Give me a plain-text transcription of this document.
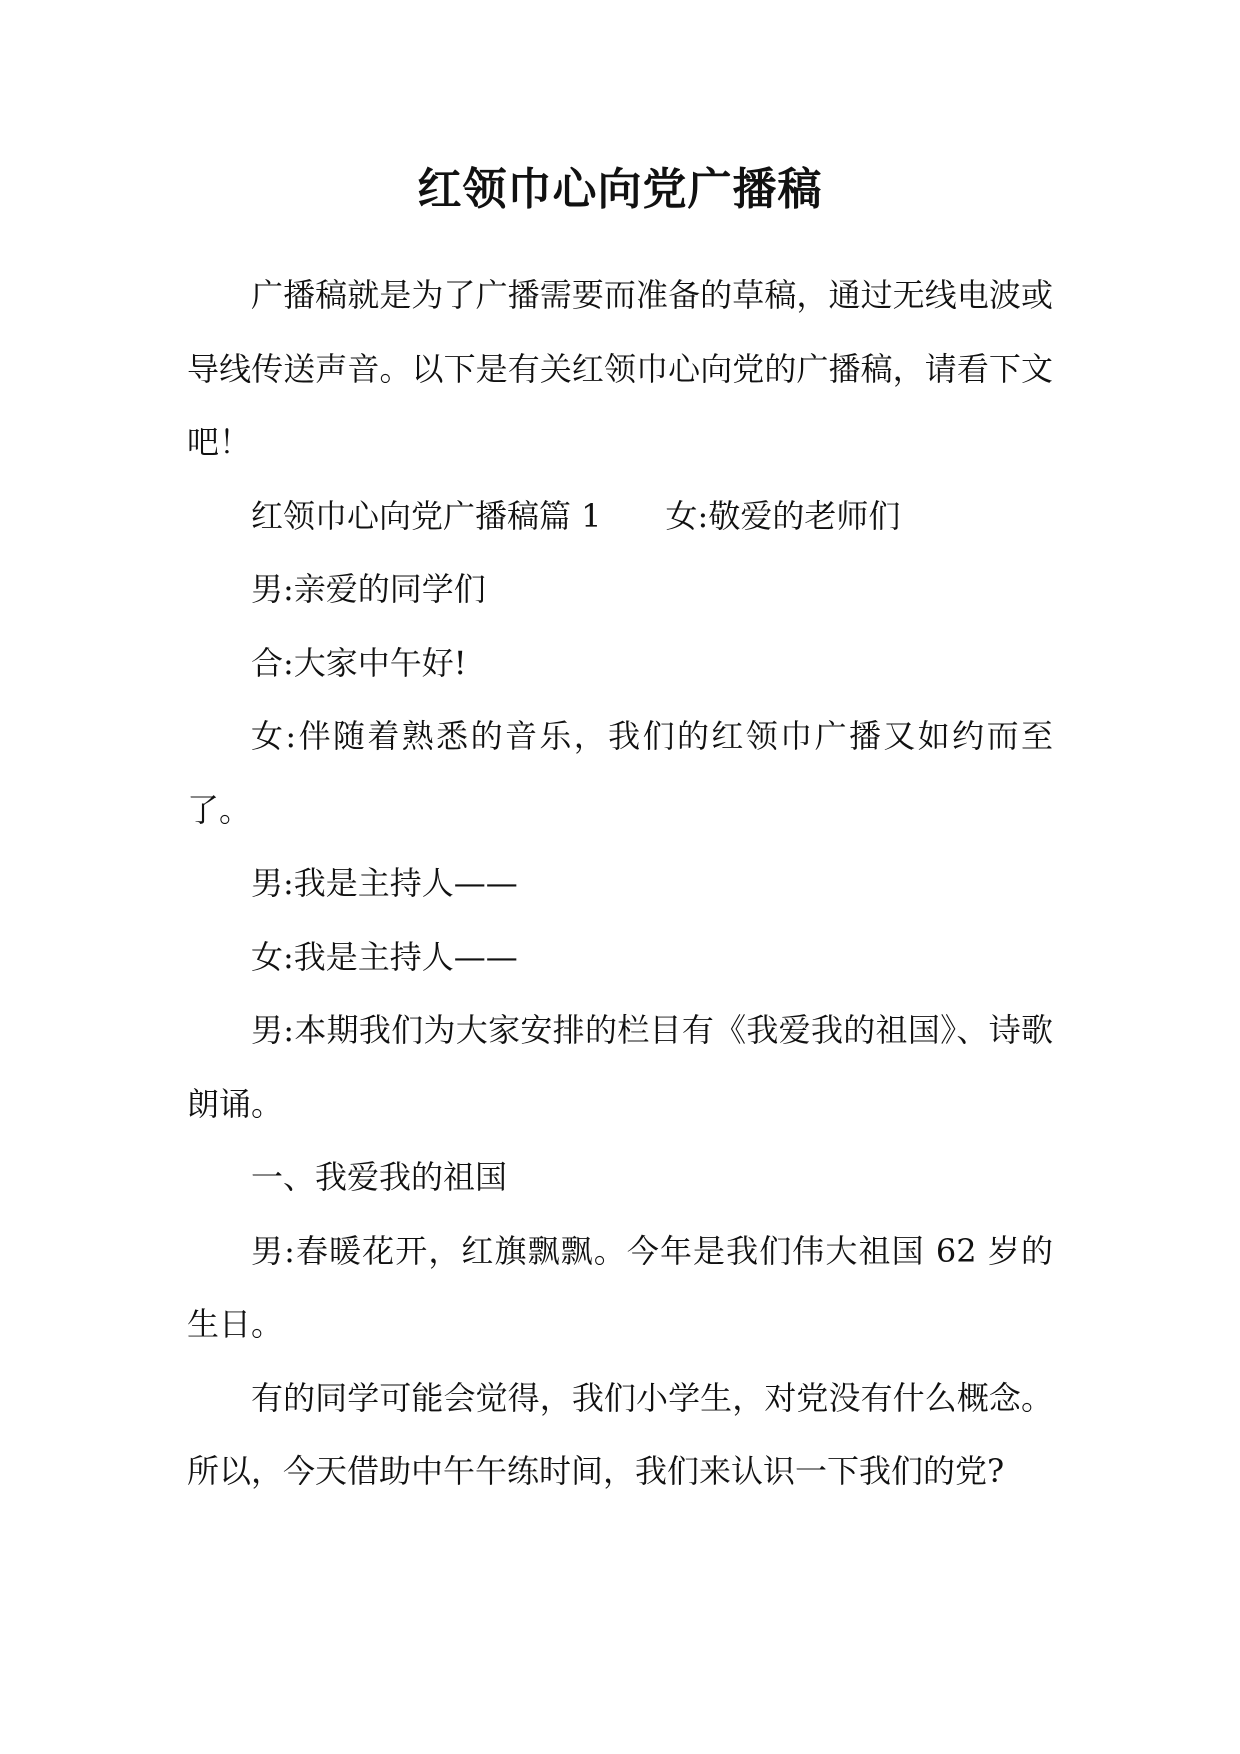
红领巾心向党广播稿

广播稿就是为了广播需要而准备的草稿，通过无线电波或导线传送声音。以下是有关红领巾心向党的广播稿，请看下文吧！

红领巾心向党广播稿篇 1 女:敬爱的老师们

男:亲爱的同学们

合:大家中午好!

女:伴随着熟悉的音乐，我们的红领巾广播又如约而至了。

男:我是主持人——

女:我是主持人——

男:本期我们为大家安排的栏目有《我爱我的祖国》、诗歌朗诵。

一、我爱我的祖国

男:春暖花开，红旗飘飘。今年是我们伟大祖国 62 岁的生日。

有的同学可能会觉得，我们小学生，对党没有什么概念。所以，今天借助中午午练时间，我们来认识一下我们的党?
